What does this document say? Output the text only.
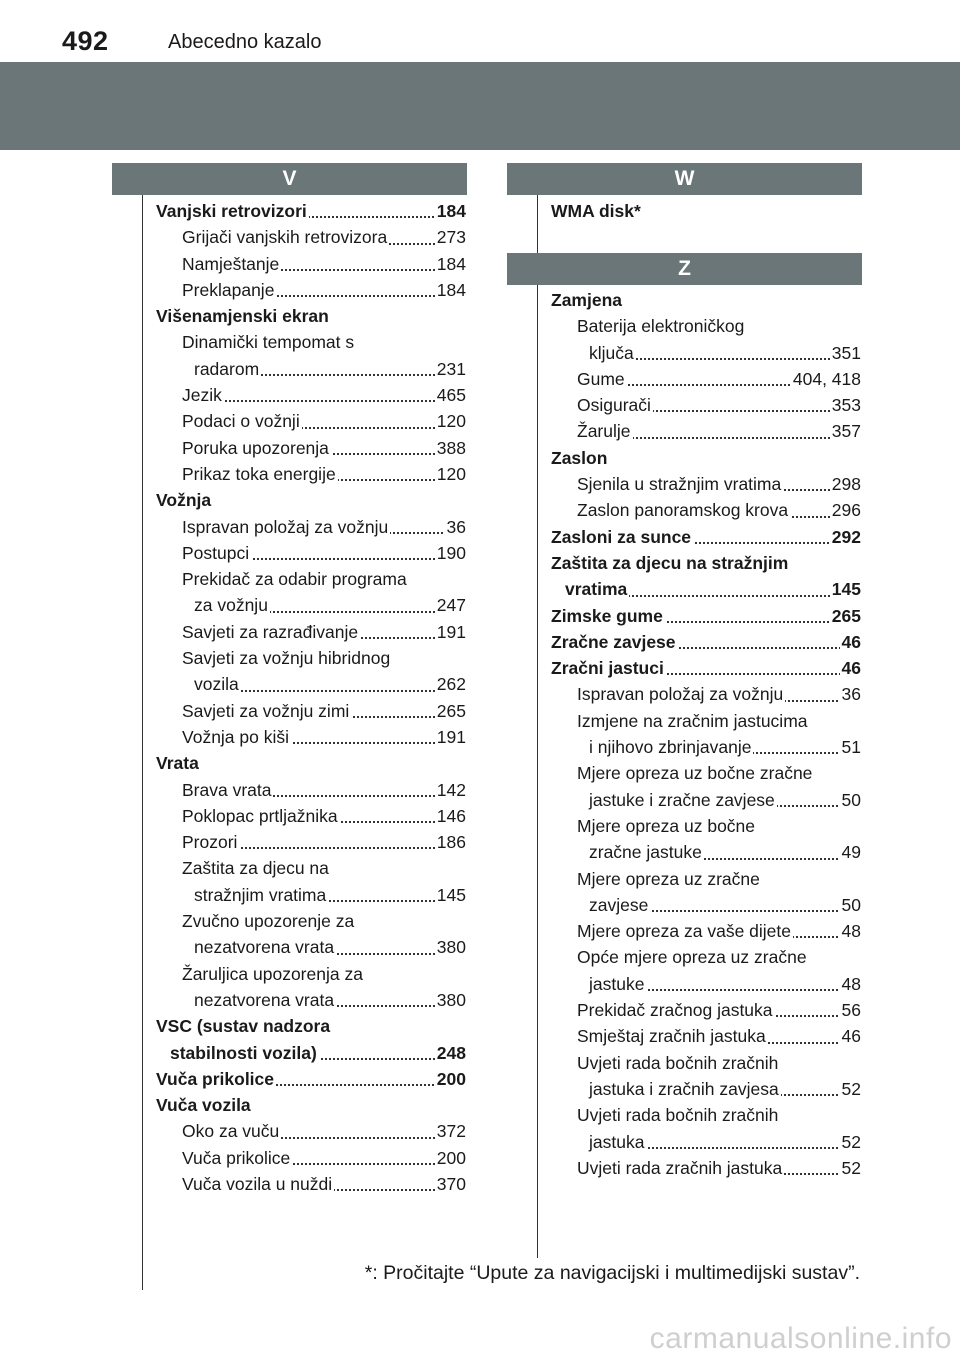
492	Abecedno kazalo
V
Vanjski retrovizori	184
Grijači vanjskih retrovizora	273
Namještanje	184
Preklapanje	184
Višenamjenski ekran
Dinamički tempomat s
radarom	231
Jezik	465
Podaci o vožnji	120
Poruka upozorenja	388
Prikaz toka energije	120
Vožnja
Ispravan položaj za vožnju	36
Postupci	190
Prekidač za odabir programa
za vožnju	247
Savjeti za razrađivanje	191
Savjeti za vožnju hibridnog
vozila	262
Savjeti za vožnju zimi	265
Vožnja po kiši	191
Vrata
Brava vrata	142
Poklopac prtljažnika	146
Prozori	186
Zaštita za djecu na
stražnjim vratima	145
Zvučno upozorenje za
nezatvorena vrata	380
Žaruljica upozorenja za
nezatvorena vrata	380
VSC (sustav nadzora
stabilnosti vozila)	248
Vuča prikolice	200
Vuča vozila
Oko za vuču	372
Vuča prikolice	200
Vuča vozila u nuždi	370
W
WMA disk*
Z
Zamjena
Baterija elektroničkog
ključa	351
Gume	404, 418
Osigurači	353
Žarulje	357
Zaslon
Sjenila u stražnjim vratima	298
Zaslon panoramskog krova 296
Zasloni za sunce	292
Zaštita za djecu na stražnjim
vratima	145
Zimske gume	265
Zračne zavjese	46
Zračni jastuci	46
Ispravan položaj za vožnju	36
Izmjene na zračnim jastucima
i njihovo zbrinjavanje	51
Mjere opreza uz bočne zračne
jastuke i zračne zavjese	50
Mjere opreza uz bočne
zračne jastuke	49
Mjere opreza uz zračne
zavjese	50
Mjere opreza za vaše dijete	48
Opće mjere opreza uz zračne
jastuke	48
Prekidač zračnog jastuka	56
Smještaj zračnih jastuka	46
Uvjeti rada bočnih zračnih
jastuka i zračnih zavjesa	52
Uvjeti rada bočnih zračnih
jastuka	52
Uvjeti rada zračnih jastuka	52
*: Pročitajte “Upute za navigacijski i multimedijski sustav”.
carmanualsonline.info
